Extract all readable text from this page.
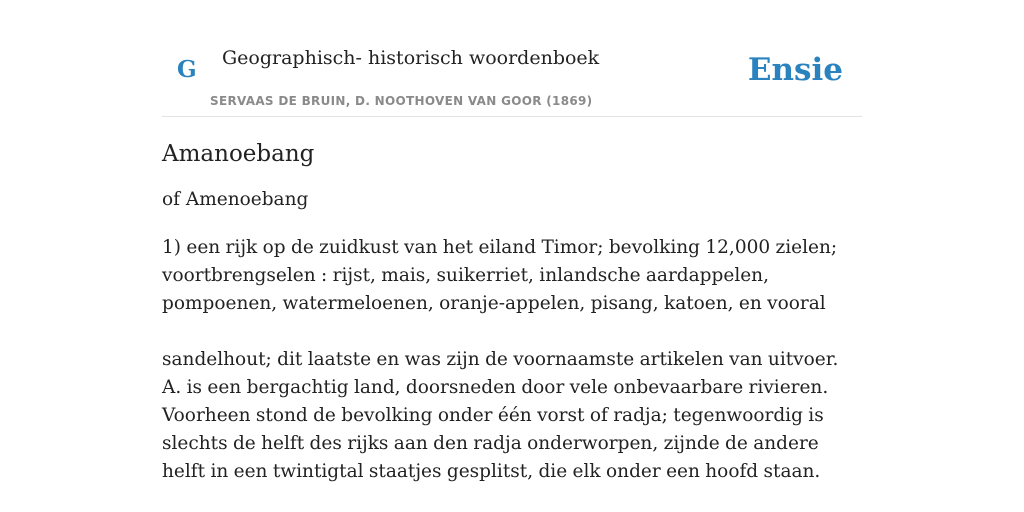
G Geographisch- historisch woordenboek
SERVAAS DE BRUIN, D. NOOTHOVEN VAN GOOR (1869)
Ensie
Amanoebang

of Amenoebang

1) een rijk op de zuidkust van het eiland Timor; bevolking 12,000 zielen; voortbrengselen : rijst, mais, suikerriet, inlandsche aardappelen, pompoenen, watermeloenen, oranje-appelen, pisang, katoen, en vooral

sandelhout; dit laatste en was zijn de voornaamste artikelen van uitvoer. A. is een bergachtig land, doorsneden door vele onbevaarbare rivieren. Voorheen stond de bevolking onder één vorst of radja; tegenwoordig is slechts de helft des rijks aan den radja onderworpen, zijnde de andere helft in een twintigtal staatjes gesplitst, die elk onder een hoofd staan.
